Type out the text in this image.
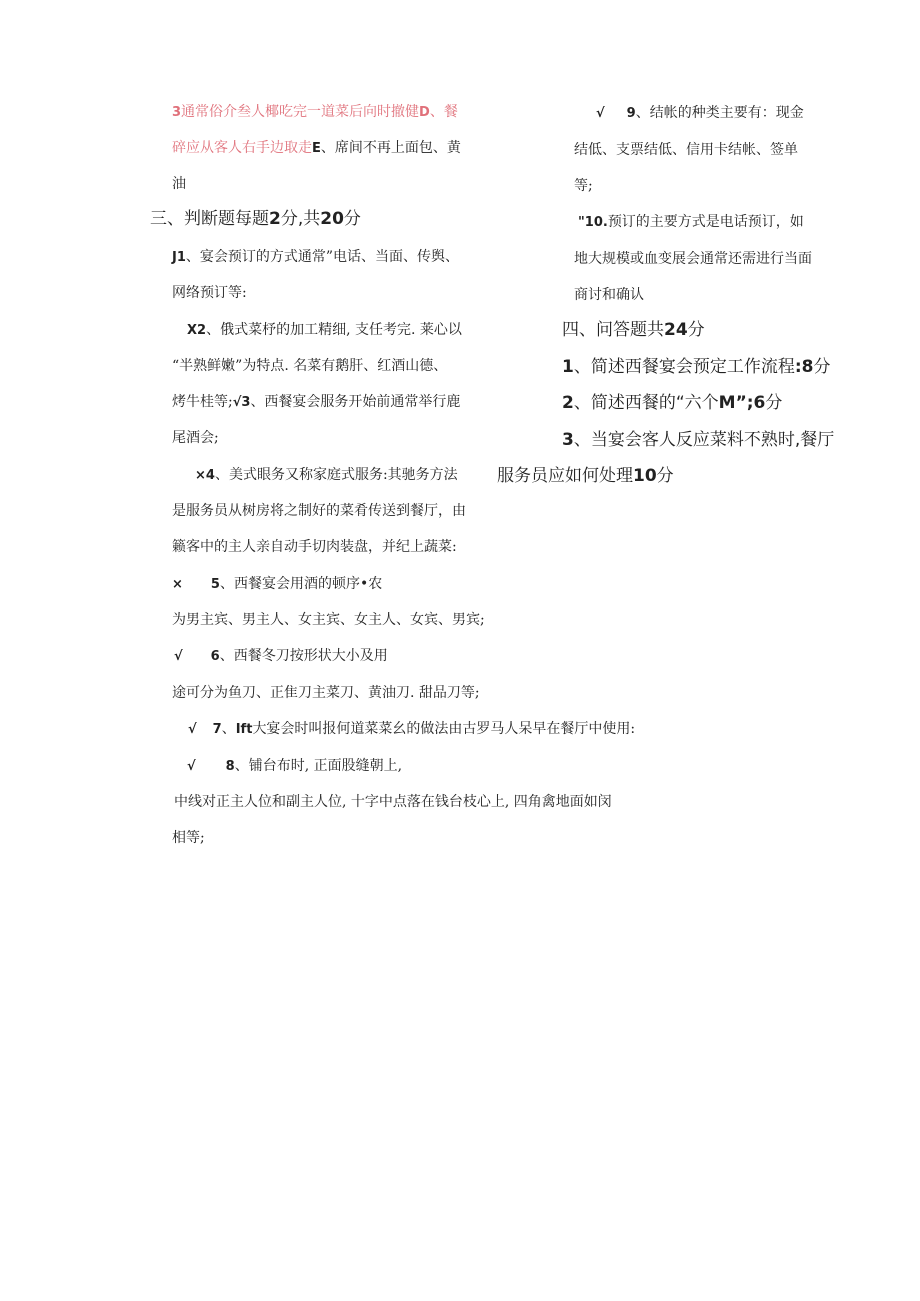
3通常俗介叁人椰吃完一道菜后向时撤健D、餐
碎应从客人右手边取走E、席间不再上面包、黄
油
三、判断题每题2分,共20分
J1、宴会预订的方式通常”电话、当面、传舆、
网络预订等:
X2、俄式菜杼的加工精细, 支任考完. 莱心以
“半熟鲜嫩”为特点. 名菜有鹅肝、红酒山德、
烤牛桂等;√3、西餐宴会服务开始前通常举行鹿
尾酒会;
×4、美式眼务又称家庭式服务:其驰务方法
是服务员从树房将之制好的菜肴传送到餐厅，由
籁客中的主人亲自动手切肉装盘，并纪上蔬菜:
× 5、西餐宴会用酒的顿序•农
为男主宾、男主人、女主宾、女主人、女宾、男宾;
√ 6、西餐冬刀按形状大小及用
途可分为鱼刀、正隹刀主菜刀、黄油刀. 甜品刀等;
√ 7、Ift大宴会时叫报何道菜菜幺的做法由古罗马人呆早在餐厅中使用:
√ 8、铺台布时, 正面股缝朝上,
中线对正主人位和副主人位, 十字中点落在钱台枝心上, 四角禽地面如闵
相等;
√ 9、结帐的种类主要有：现金
结低、支票结低、信用卡结帐、签单
等;
"10.预订的主要方式是电话预订，如
地大规模或血变展会通常还需进行当面
商讨和确认
四、问答题共24分
1、简述西餐宴会预定工作流程:8分
2、简述西餐的“六个M”;6分
3、当宴会客人反应菜料不熟时,餐厅
服务员应如何处理10分
